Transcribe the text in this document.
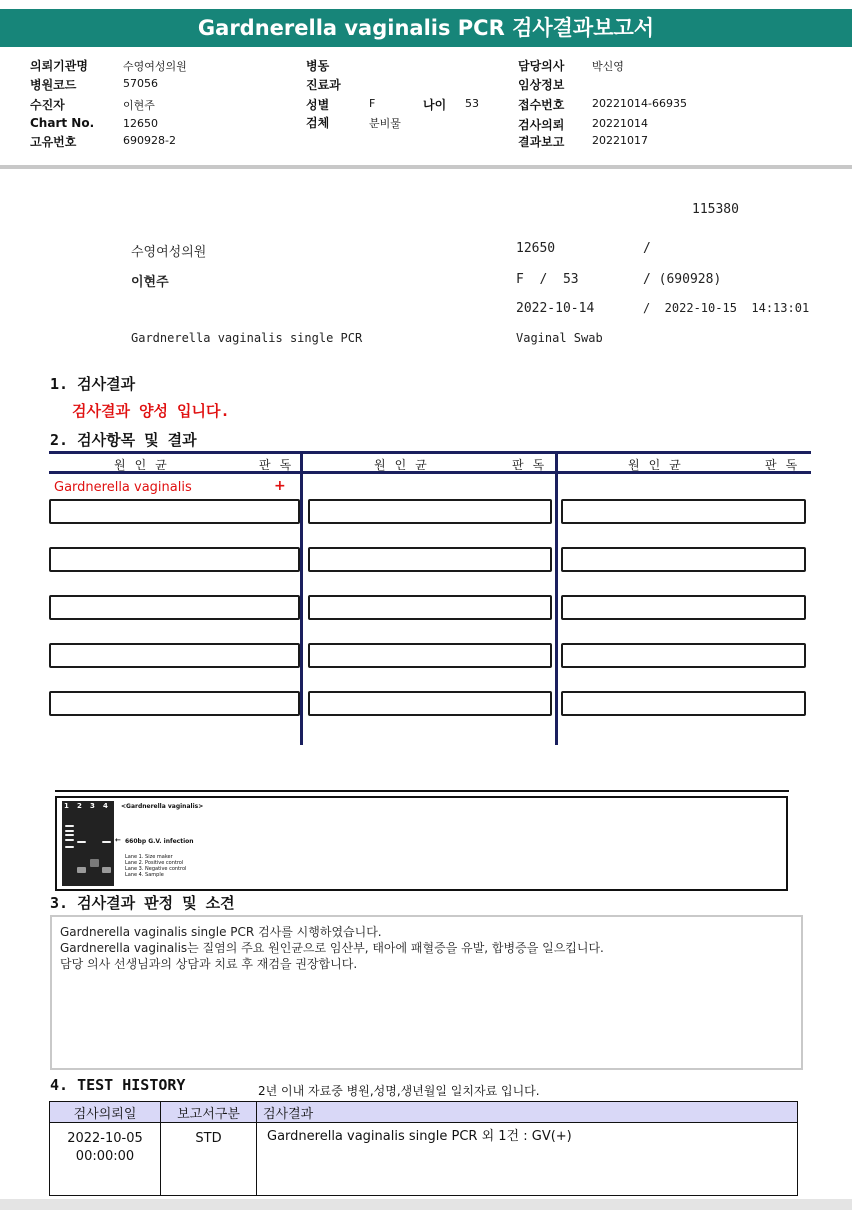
Gardnerella vaginalis PCR 검사결과보고서
의뢰기관명	수영여성의원
병원코드	57056
수진자	이현주
Chart No.	12650
고유번호	690928-2
병동
진료과
성별	F	나이 53
검체	분비물
담당의사	박신영
임상정보
접수번호	20221014-66935
검사의뢰	20221014
결과보고	20221017
115380
수영여성의원	12650	/
이현주	F  /  53	/ (690928)
2022-10-14	/  2022-10-15  14:13:01
Gardnerella vaginalis single PCR	Vaginal Swab
1. 검사결과
검사결과 양성 입니다.
2. 검사항목 및 결과
원인균	판독	원인균	판독	원인균	판독
Gardnerella vaginalis	+
1 2 3 4 <Gardnerella vaginalis>
← 660bp G.V. infection
Lane 1. Size maker
Lane 2. Positive control
Lane 3. Negative control
Lane 4. Sample
3. 검사결과 판정 및 소견
Gardnerella vaginalis single PCR 검사를 시행하였습니다.
Gardnerella vaginalis는 질염의 주요 원인균으로 임산부, 태아에 패혈증을 유발, 합병증을 일으킵니다.
담당 의사 선생님과의 상담과 치료 후 재검을 권장합니다.
4. TEST HISTORY	2년 이내 자료중 병원,성명,생년월일 일치자료 입니다.
검사의뢰일	보고서구분	검사결과

2022-10-05
00:00:00	STD	Gardnerella vaginalis single PCR 외 1건 : GV(+)
